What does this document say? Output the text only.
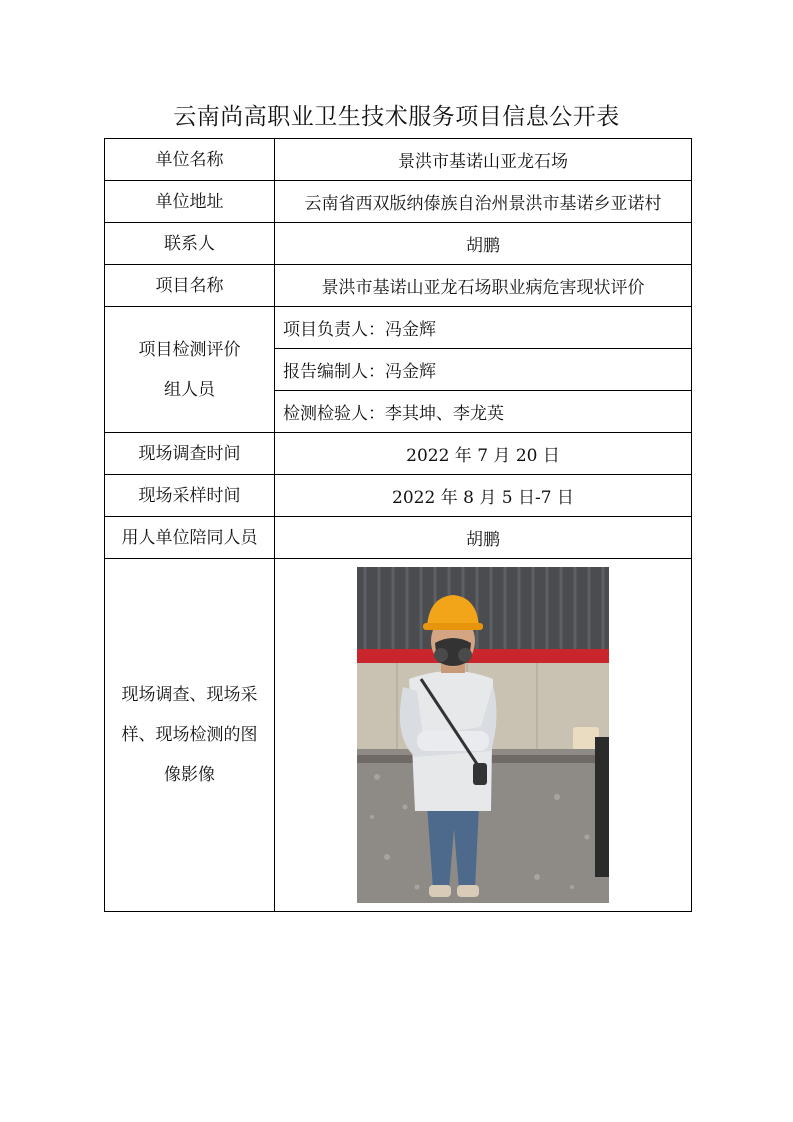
云南尚高职业卫生技术服务项目信息公开表
单位名称	景洪市基诺山亚龙石场
单位地址	云南省西双版纳傣族自治州景洪市基诺乡亚诺村
联系人	胡鹏
项目名称	景洪市基诺山亚龙石场职业病危害现状评价

项目检测评价
组人员	项目负责人：冯金辉
	报告编制人：冯金辉
	检测检验人：李其坤、李龙英
现场调查时间	2022 年 7 月 20 日
现场采样时间	2022 年 8 月 5 日-7 日
用人单位陪同人员	胡鹏

现场调查、现场采
样、现场检测的图
像影像
